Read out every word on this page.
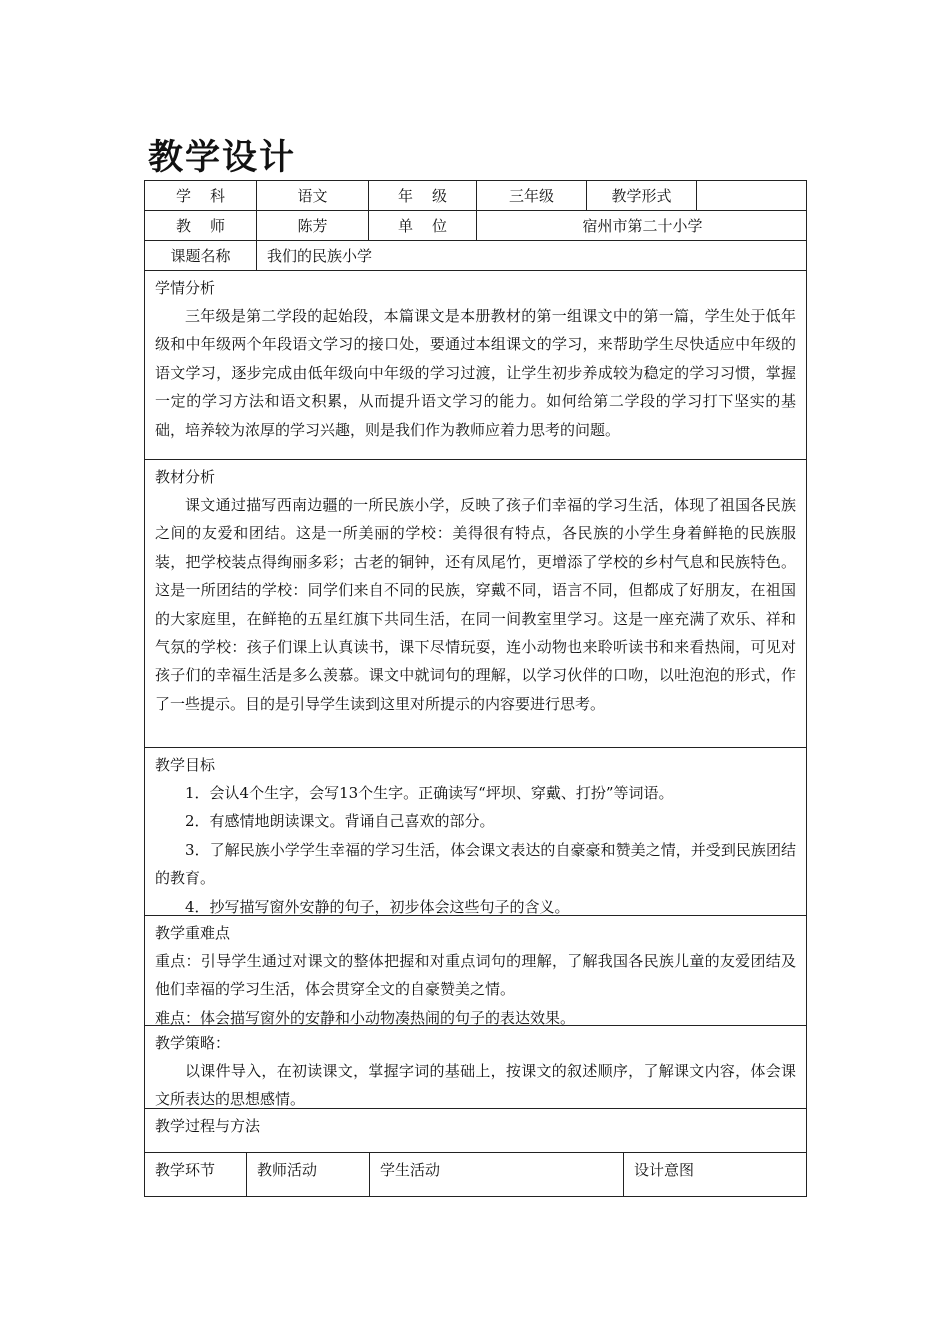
教学设计
学    科	语文	年    级	三年级	教学形式
教    师	陈芳	单    位	宿州市第二十小学
课题名称	我们的民族小学
学情分析

三年级是第二学段的起始段，本篇课文是本册教材的第一组课文中的第一篇，学生处于低年级和中年级两个年段语文学习的接口处，要通过本组课文的学习，来帮助学生尽快适应中年级的语文学习，逐步完成由低年级向中年级的学习过渡，让学生初步养成较为稳定的学习习惯，掌握一定的学习方法和语文积累，从而提升语文学习的能力。如何给第二学段的学习打下坚实的基础，培养较为浓厚的学习兴趣，则是我们作为教师应着力思考的问题。

教材分析

课文通过描写西南边疆的一所民族小学，反映了孩子们幸福的学习生活，体现了祖国各民族之间的友爱和团结。这是一所美丽的学校：美得很有特点，各民族的小学生身着鲜艳的民族服装，把学校装点得绚丽多彩；古老的铜钟，还有凤尾竹，更增添了学校的乡村气息和民族特色。这是一所团结的学校：同学们来自不同的民族，穿戴不同，语言不同，但都成了好朋友，在祖国的大家庭里，在鲜艳的五星红旗下共同生活，在同一间教室里学习。这是一座充满了欢乐、祥和气氛的学校：孩子们课上认真读书，课下尽情玩耍，连小动物也来聆听读书和来看热闹，可见对孩子们的幸福生活是多么羡慕。课文中就词句的理解，以学习伙伴的口吻，以吐泡泡的形式，作了一些提示。目的是引导学生读到这里对所提示的内容要进行思考。

教学目标

1．会认4个生字，会写13个生字。正确读写“坪坝、穿戴、打扮”等词语。

2．有感情地朗读课文。背诵自己喜欢的部分。

3．了解民族小学学生幸福的学习生活，体会课文表达的自豪豪和赞美之情，并受到民族团结的教育。

4．抄写描写窗外安静的句子，初步体会这些句子的含义。

教学重难点

重点：引导学生通过对课文的整体把握和对重点词句的理解，了解我国各民族儿童的友爱团结及他们幸福的学习生活，体会贯穿全文的自豪赞美之情。

难点：体会描写窗外的安静和小动物凑热闹的句子的表达效果。

教学策略：

以课件导入，在初读课文，掌握字词的基础上，按课文的叙述顺序，了解课文内容，体会课文所表达的思想感情。

教学过程与方法
教学环节	教师活动	学生活动	设计意图
